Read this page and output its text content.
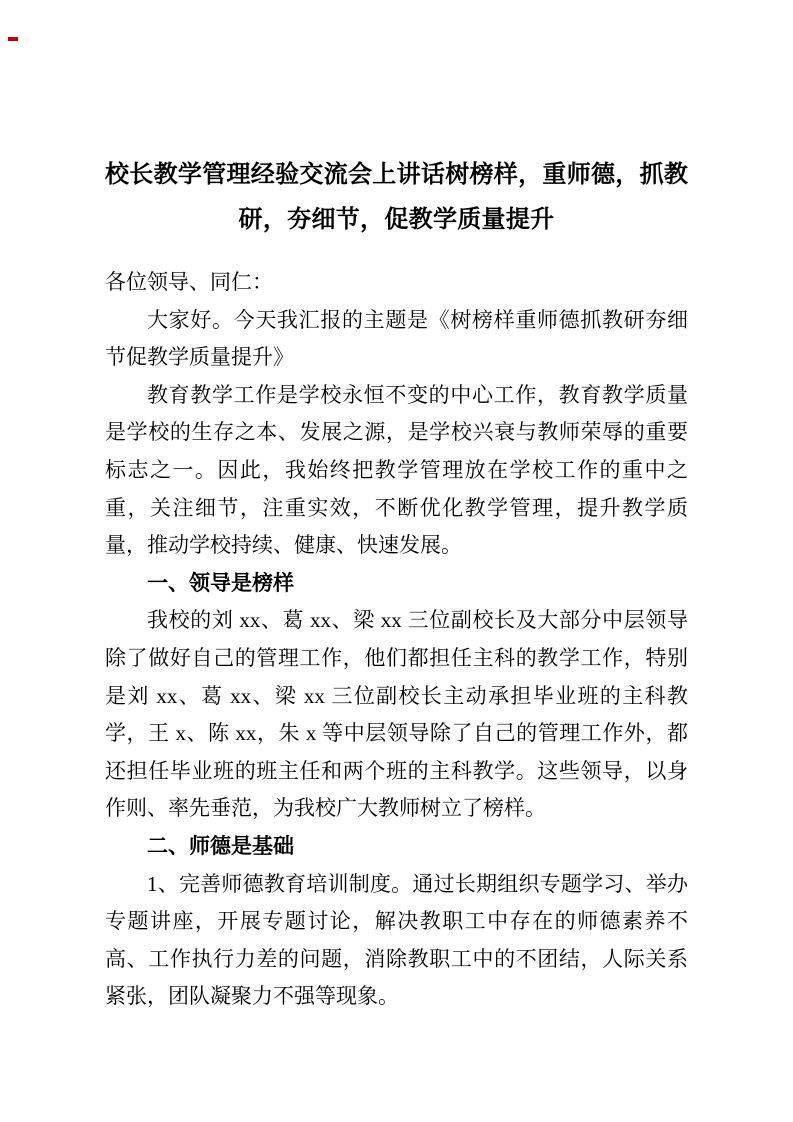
校长教学管理经验交流会上讲话树榜样，重师德，抓教
研，夯细节，促教学质量提升

各位领导、同仁：

大家好。今天我汇报的主题是《树榜样重师德抓教研夯细节促教学质量提升》

教育教学工作是学校永恒不变的中心工作，教育教学质量是学校的生存之本、发展之源，是学校兴衰与教师荣辱的重要标志之一。因此，我始终把教学管理放在学校工作的重中之重，关注细节，注重实效，不断优化教学管理，提升教学质量，推动学校持续、健康、快速发展。

一、领导是榜样

我校的刘 xx、葛 xx、梁 xx 三位副校长及大部分中层领导除了做好自己的管理工作，他们都担任主科的教学工作，特别是刘 xx、葛 xx、梁 xx 三位副校长主动承担毕业班的主科教学，王 x、陈 xx，朱 x 等中层领导除了自己的管理工作外，都还担任毕业班的班主任和两个班的主科教学。这些领导，以身作则、率先垂范，为我校广大教师树立了榜样。

二、师德是基础

1、完善师德教育培训制度。通过长期组织专题学习、举办专题讲座，开展专题讨论，解决教职工中存在的师德素养不高、工作执行力差的问题，消除教职工中的不团结，人际关系紧张，团队凝聚力不强等现象。
